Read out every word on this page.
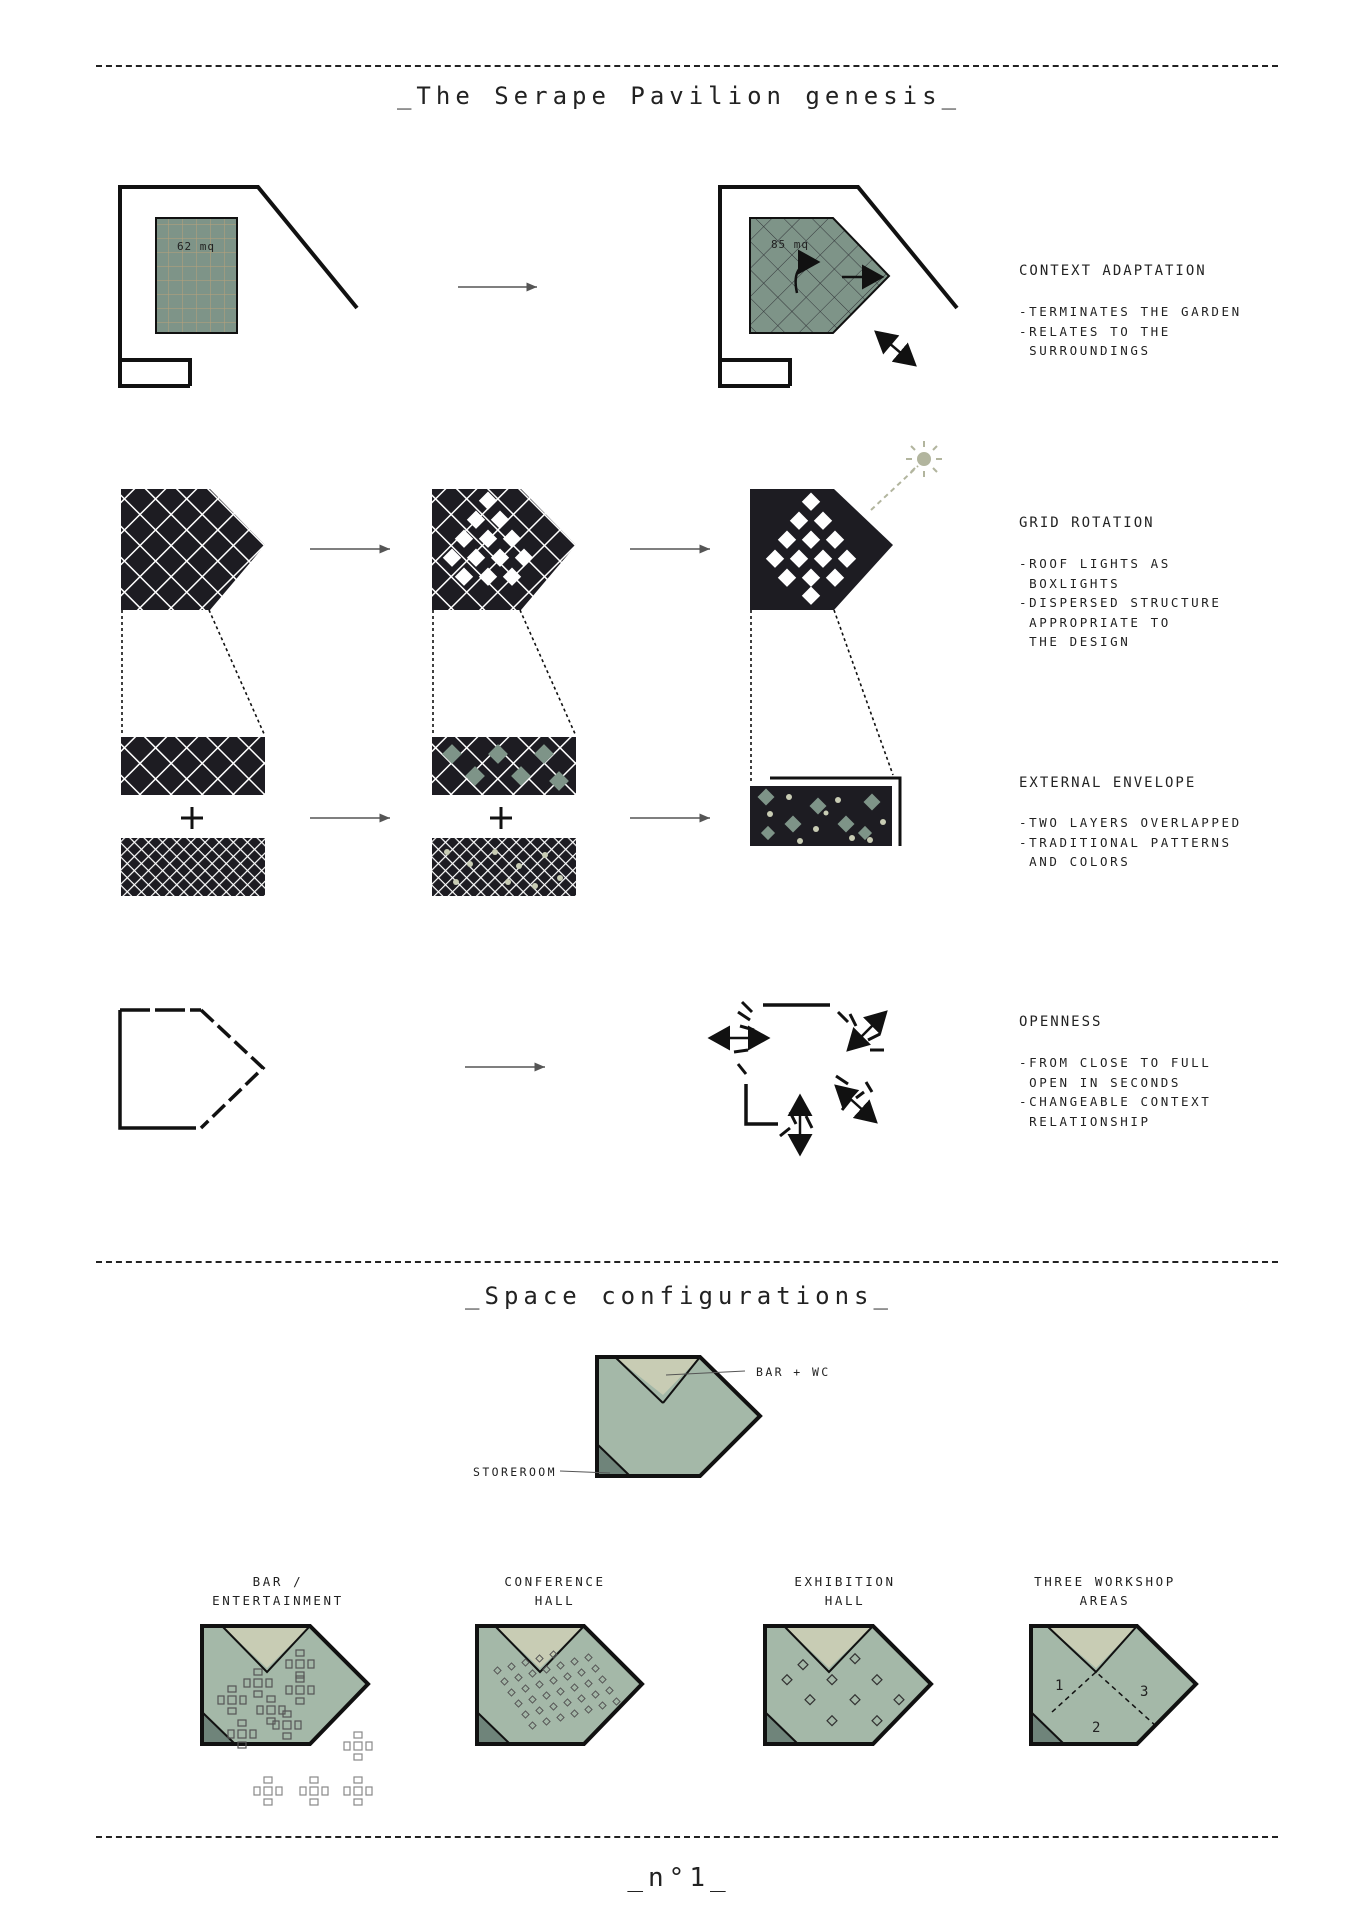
_The Serape Pavilion genesis_
_Space configurations_
_n°1_
CONTEXT ADAPTATION
-TERMINATES THE GARDEN
-RELATES TO THE
SURROUNDINGS
GRID ROTATION
-ROOF LIGHTS AS
BOXLIGHTS
-DISPERSED STRUCTURE
APPROPRIATE TO
THE DESIGN
EXTERNAL ENVELOPE
-TWO LAYERS OVERLAPPED
-TRADITIONAL PATTERNS
AND COLORS
OPENNESS
-FROM CLOSE TO FULL
OPEN IN SECONDS
-CHANGEABLE CONTEXT
RELATIONSHIP
BAR + WC
STOREROOM
BAR /
ENTERTAINMENT
CONFERENCE
HALL
EXHIBITION
HALL
THREE WORKSHOP
AREAS
62 mq	85 mq
1
2
3
